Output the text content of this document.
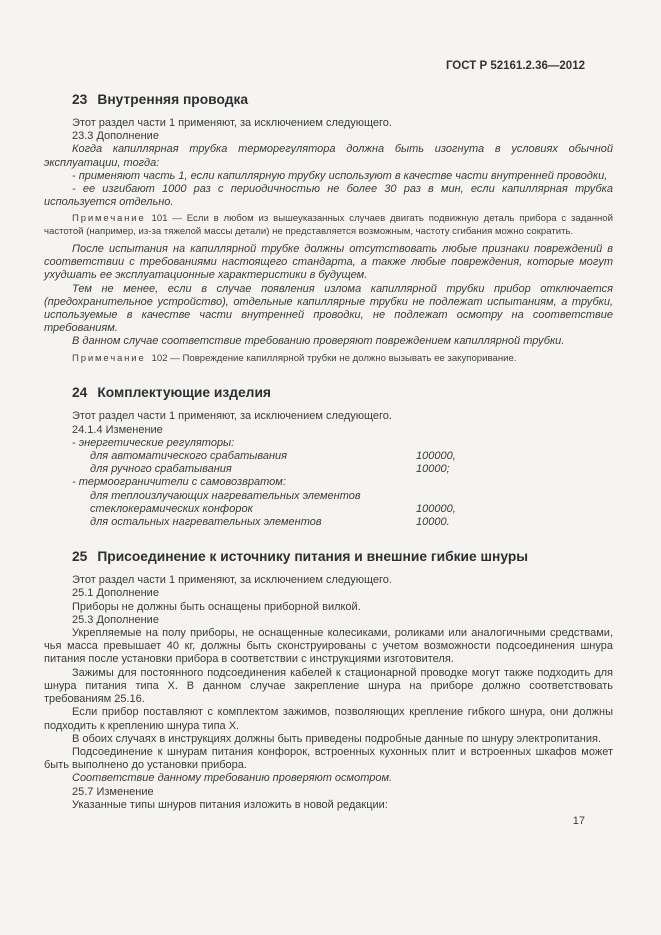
ГОСТ Р 52161.2.36—2012
23 Внутренняя проводка

Этот раздел части 1 применяют, за исключением следующего.

23.3 Дополнение

Когда капиллярная трубка терморегулятора должна быть изогнута в условиях обычной эксплуатации, тогда:

- применяют часть 1, если капиллярную трубку используют в качестве части внутренней проводки,

- ее изгибают 1000 раз с периодичностью не более 30 раз в мин, если капиллярная трубка используется отдельно.

Примечание 101 — Если в любом из вышеуказанных случаев двигать подвижную деталь прибора с заданной частотой (например, из-за тяжелой массы детали) не представляется возможным, частоту сгибания можно сократить.

После испытания на капиллярной трубке должны отсутствовать любые признаки повреждений в соответствии с требованиями настоящего стандарта, а также любые повреждения, которые могут ухудшать ее эксплуатационные характеристики в будущем.

Тем не менее, если в случае появления излома капиллярной трубки прибор отключается (предохранительное устройство), отдельные капиллярные трубки не подлежат испытаниям, а трубки, используемые в качестве части внутренней проводки, не подлежат осмотру на соответствие требованиям.

В данном случае соответствие требованию проверяют повреждением капиллярной трубки.

Примечание 102 — Повреждение капиллярной трубки не должно вызывать ее закупоривание.

24 Комплектующие изделия

Этот раздел части 1 применяют, за исключением следующего.

24.1.4 Изменение

- энергетические регуляторы:
для автоматического срабатывания	100000,
для ручного срабатывания	10000;
- термоограничители с самовозвратом:
для теплоизлучающих нагревательных элементов
стеклокерамических конфорок	100000,
для остальных нагревательных элементов	10000.
25 Присоединение к источнику питания и внешние гибкие шнуры

Этот раздел части 1 применяют, за исключением следующего.

25.1 Дополнение

Приборы не должны быть оснащены приборной вилкой.

25.3 Дополнение

Укрепляемые на полу приборы, не оснащенные колесиками, роликами или аналогичными средствами, чья масса превышает 40 кг, должны быть сконструированы с учетом возможности подсоединения шнура питания после установки прибора в соответствии с инструкциями изготовителя.

Зажимы для постоянного подсоединения кабелей к стационарной проводке могут также подходить для шнура питания типа X. В данном случае закрепление шнура на приборе должно соответствовать требованиям 25.16.

Если прибор поставляют с комплектом зажимов, позволяющих крепление гибкого шнура, они должны подходить к креплению шнура типа X.

В обоих случаях в инструкциях должны быть приведены подробные данные по шнуру электропитания.

Подсоединение к шнурам питания конфорок, встроенных кухонных плит и встроенных шкафов может быть выполнено до установки прибора.

Соответствие данному требованию проверяют осмотром.

25.7 Изменение

Указанные типы шнуров питания изложить в новой редакции:

17
